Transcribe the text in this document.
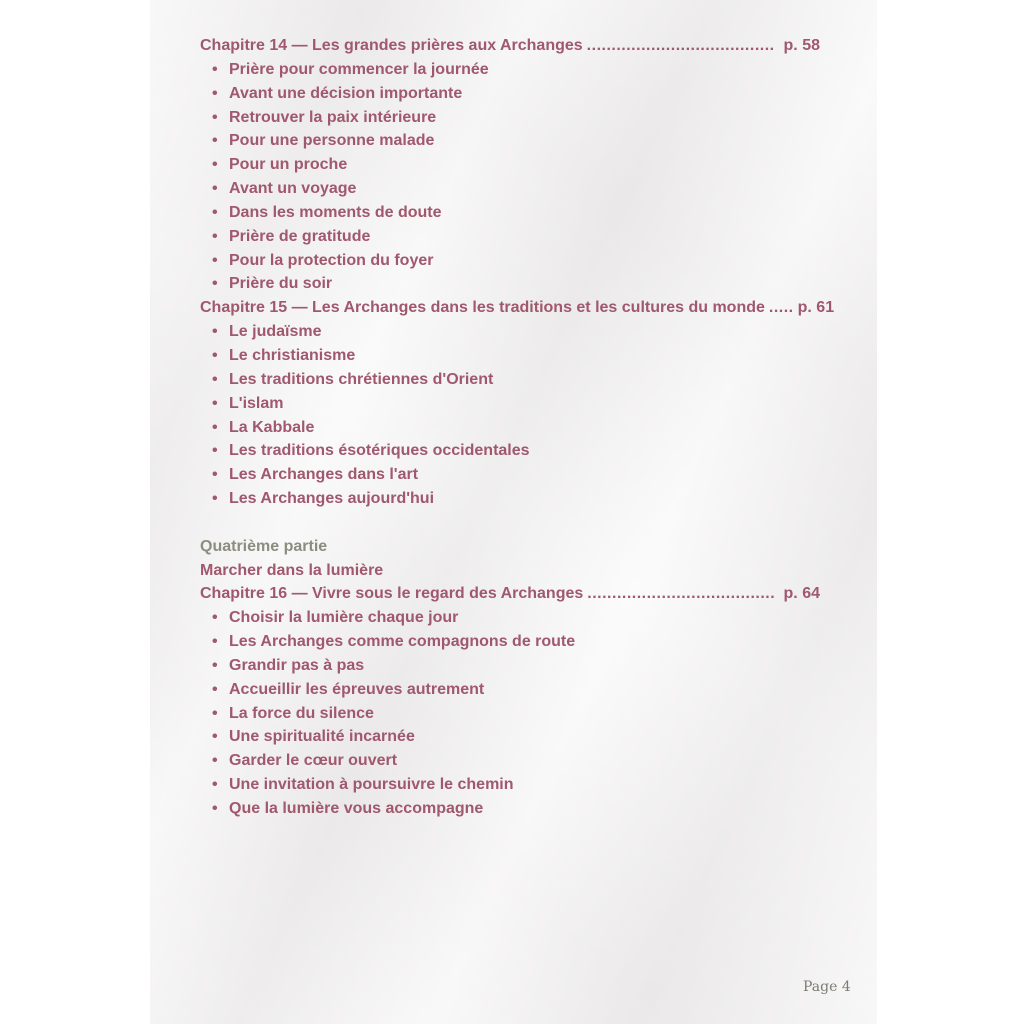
Chapitre 14 — Les grandes prières aux Archanges ...................................... p. 58
• Prière pour commencer la journée
• Avant une décision importante
• Retrouver la paix intérieure
• Pour une personne malade
• Pour un proche
• Avant un voyage
• Dans les moments de doute
• Prière de gratitude
• Pour la protection du foyer
• Prière du soir
Chapitre 15 — Les Archanges dans les traditions et les cultures du monde ..... p. 61
• Le judaïsme
• Le christianisme
• Les traditions chrétiennes d'Orient
• L'islam
• La Kabbale
• Les traditions ésotériques occidentales
• Les Archanges dans l'art
• Les Archanges aujourd'hui
Quatrième partie
Marcher dans la lumière
Chapitre 16 — Vivre sous le regard des Archanges ...................................... p. 64
• Choisir la lumière chaque jour
• Les Archanges comme compagnons de route
• Grandir pas à pas
• Accueillir les épreuves autrement
• La force du silence
• Une spiritualité incarnée
• Garder le cœur ouvert
• Une invitation à poursuivre le chemin
• Que la lumière vous accompagne
Page 4
